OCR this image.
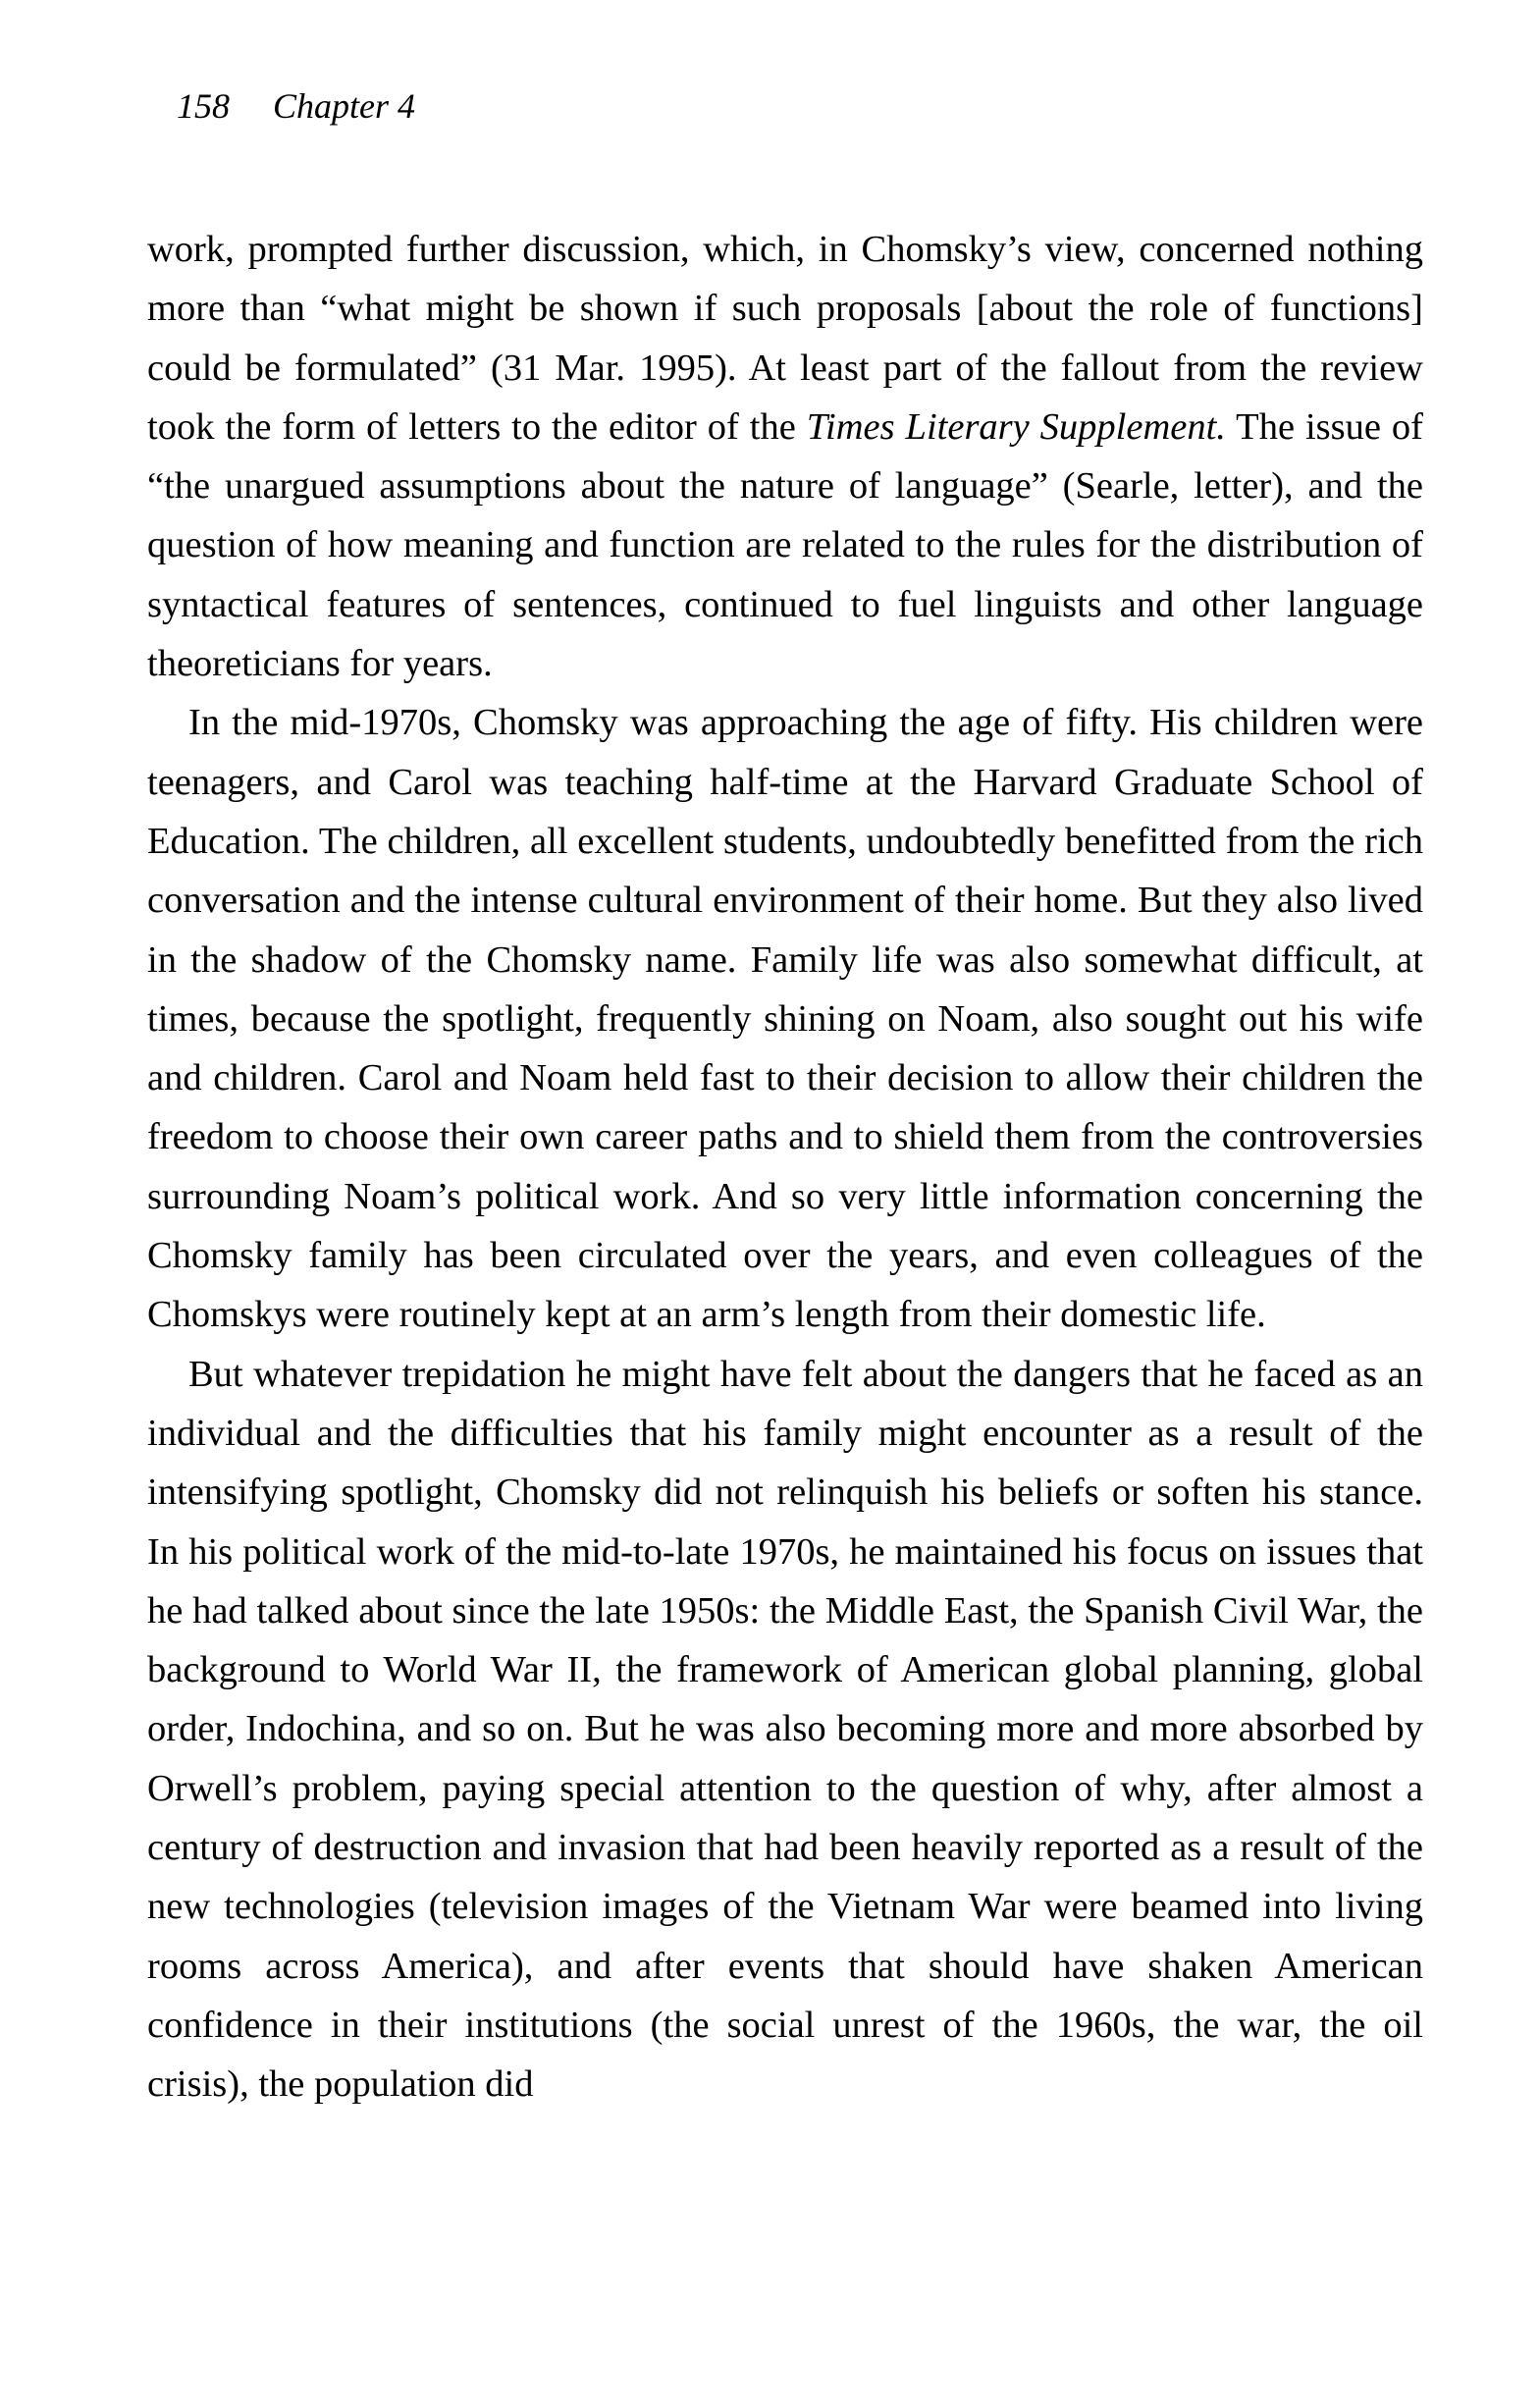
158 Chapter 4

work, prompted further discussion, which, in Chomsky’s view, concerned nothing more than “what might be shown if such proposals [about the role of functions] could be formulated” (31 Mar. 1995). At least part of the fallout from the review took the form of letters to the editor of the Times Literary Supplement. The issue of “the unargued assumptions about the nature of language” (Searle, letter), and the question of how meaning and function are related to the rules for the distribution of syntactical features of sentences, continued to fuel linguists and other language theoreticians for years.

In the mid-1970s, Chomsky was approaching the age of fifty. His children were teenagers, and Carol was teaching half-time at the Harvard Graduate School of Education. The children, all excellent students, undoubtedly benefitted from the rich conversation and the intense cultural environment of their home. But they also lived in the shadow of the Chomsky name. Family life was also somewhat difficult, at times, because the spotlight, frequently shining on Noam, also sought out his wife and children. Carol and Noam held fast to their decision to allow their children the freedom to choose their own career paths and to shield them from the controversies surrounding Noam’s political work. And so very little information concerning the Chomsky family has been circulated over the years, and even colleagues of the Chomskys were routinely kept at an arm’s length from their domestic life.

But whatever trepidation he might have felt about the dangers that he faced as an individual and the difficulties that his family might encounter as a result of the intensifying spotlight, Chomsky did not relinquish his beliefs or soften his stance. In his political work of the mid-to-late 1970s, he maintained his focus on issues that he had talked about since the late 1950s: the Middle East, the Spanish Civil War, the background to World War II, the framework of American global planning, global order, Indochina, and so on. But he was also becoming more and more absorbed by Orwell’s problem, paying special attention to the question of why, after almost a century of destruction and invasion that had been heavily reported as a result of the new technologies (television images of the Vietnam War were beamed into living rooms across America), and after events that should have shaken American confidence in their institutions (the social unrest of the 1960s, the war, the oil crisis), the population did
